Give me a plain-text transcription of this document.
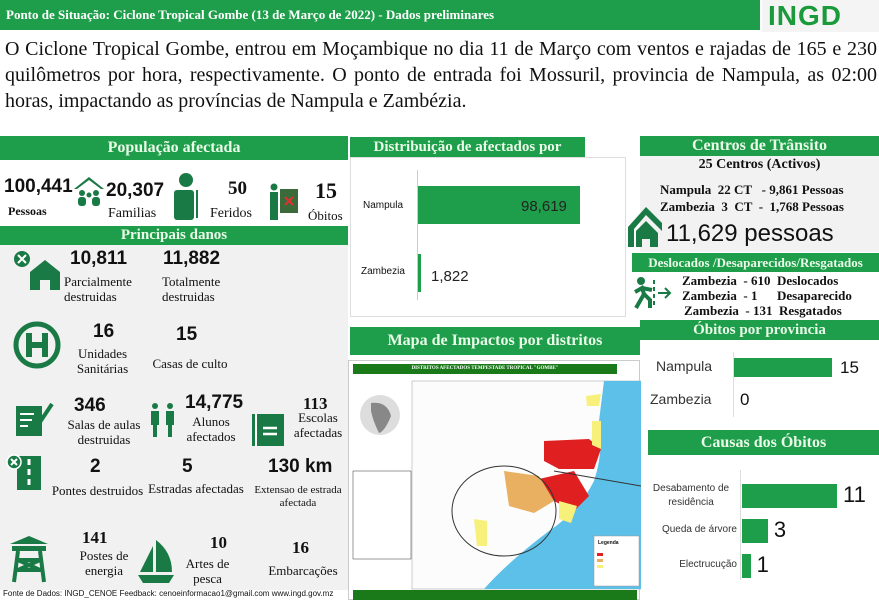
Ponto de Situação: Ciclone Tropical Gombe (13 de Março de 2022) - Dados preliminares	INGD
O Ciclone Tropical Gombe, entrou em Moçambique no dia 11 de Março com ventos e rajadas de 165 e 230 quilômetros por hora, respectivamente. O ponto de entrada foi Mossuril, provincia de Nampula, as 02:00 horas, impactando as províncias de Nampula e Zambézia.
População afectada
100,441
Pessoas
20,307
Familias
50
Feridos
15
Óbitos
Principais danos
10,811
Parcialmente destruidas
11,882
Totalmente destruidas
16
Unidades Sanitárias
15
Casas de culto
346
Salas de aulas destruidas
14,775
Alunos afectados
113
Escolas afectadas
2
Pontes destruidos
5
Estradas afectadas
130 km
Extensao de estrada afectada
141
Postes de energia
10
Artes de pesca
16
Embarcações
Fonte de Dados: INGD_CENOE Feedback: cenoeinformacao1@gmail.com www.ingd.gov.mz
Distribuição de afectados por
Nampula
Zambezia
98,619
1,822
Mapa de Impactos por distritos
DISTRITOS AFECTADOS TEMPESTADE TROPICAL "GOMBE"
Legenda
Centros de Trânsito
25 Centros (Activos)
Nampula  22 CT   - 9,861 Pessoas
Zambezia  3  CT  -  1,768 Pessoas
11,629 pessoas
Deslocados /Desaparecidos/Resgatados
Zambezia  - 610  Deslocados
Zambezia  - 1      Desaparecido
Zambezia  - 131  Resgatados
Óbitos por provincia
Nampula
Zambezia
15
0
Causas dos Óbitos
Desabamento de residência
Queda de árvore
Electrucução
11
3
1
